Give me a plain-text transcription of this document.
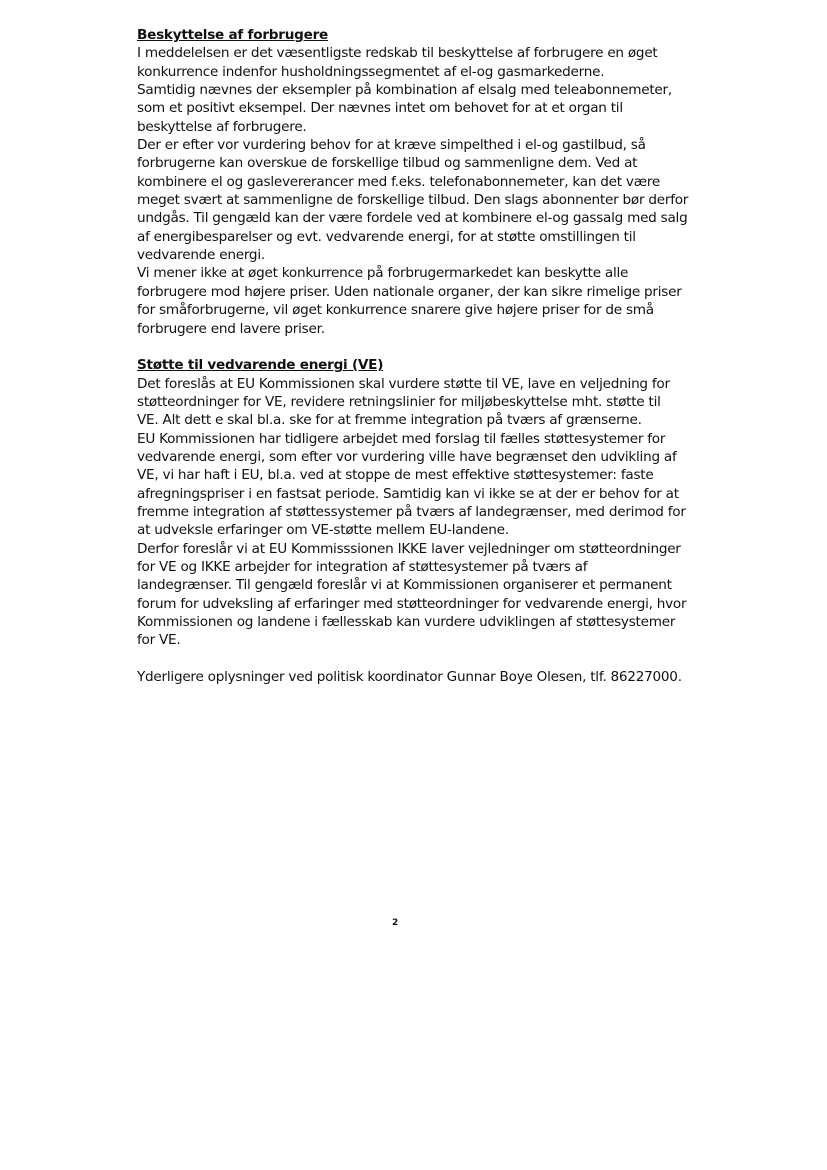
Beskyttelse af forbrugere
I meddelelsen er det væsentligste redskab til beskyttelse af forbrugere en øget
konkurrence indenfor husholdningssegmentet af el-og gasmarkederne.
Samtidig nævnes der eksempler på kombination af elsalg med teleabonnemeter,
som et positivt eksempel. Der nævnes intet om behovet for at et organ til
beskyttelse af forbrugere.
Der er efter vor vurdering behov for at kræve simpelthed i el-og gastilbud, så
forbrugerne kan overskue de forskellige tilbud og sammenligne dem. Ved at
kombinere el og gaslevererancer med f.eks. telefonabonnemeter, kan det være
meget svært at sammenligne de forskellige tilbud. Den slags abonnenter bør derfor
undgås. Til gengæld kan der være fordele ved at kombinere el-og gassalg med salg
af energibesparelser og evt. vedvarende energi, for at støtte omstillingen til
vedvarende energi.
Vi mener ikke at øget konkurrence på forbrugermarkedet kan beskytte alle
forbrugere mod højere priser. Uden nationale organer, der kan sikre rimelige priser
for småforbrugerne, vil øget konkurrence snarere give højere priser for de små
forbrugere end lavere priser.
Støtte til vedvarende energi (VE)
Det foreslås at EU Kommissionen skal vurdere støtte til VE, lave en veljedning for
støtteordninger for VE, revidere retningslinier for miljøbeskyttelse mht. støtte til
VE. Alt dett e skal bl.a. ske for at fremme integration på tværs af grænserne.
EU Kommissionen har tidligere arbejdet med forslag til fælles støttesystemer for
vedvarende energi, som efter vor vurdering ville have begrænset den udvikling af
VE, vi har haft i EU, bl.a. ved at stoppe de mest effektive støttesystemer: faste
afregningspriser i en fastsat periode. Samtidig kan vi ikke se at der er behov for at
fremme integration af støttessystemer på tværs af landegrænser, med derimod for
at udveksle erfaringer om VE-støtte mellem EU-landene.
Derfor foreslår vi at EU Kommisssionen IKKE laver vejledninger om støtteordninger
for VE og IKKE arbejder for integration af støttesystemer på tværs af
landegrænser. Til gengæld foreslår vi at Kommissionen organiserer et permanent
forum for udveksling af erfaringer med støtteordninger for vedvarende energi, hvor
Kommissionen og landene i fællesskab kan vurdere udviklingen af støttesystemer
for VE.
Yderligere oplysninger ved politisk koordinator Gunnar Boye Olesen, tlf. 86227000.
2
